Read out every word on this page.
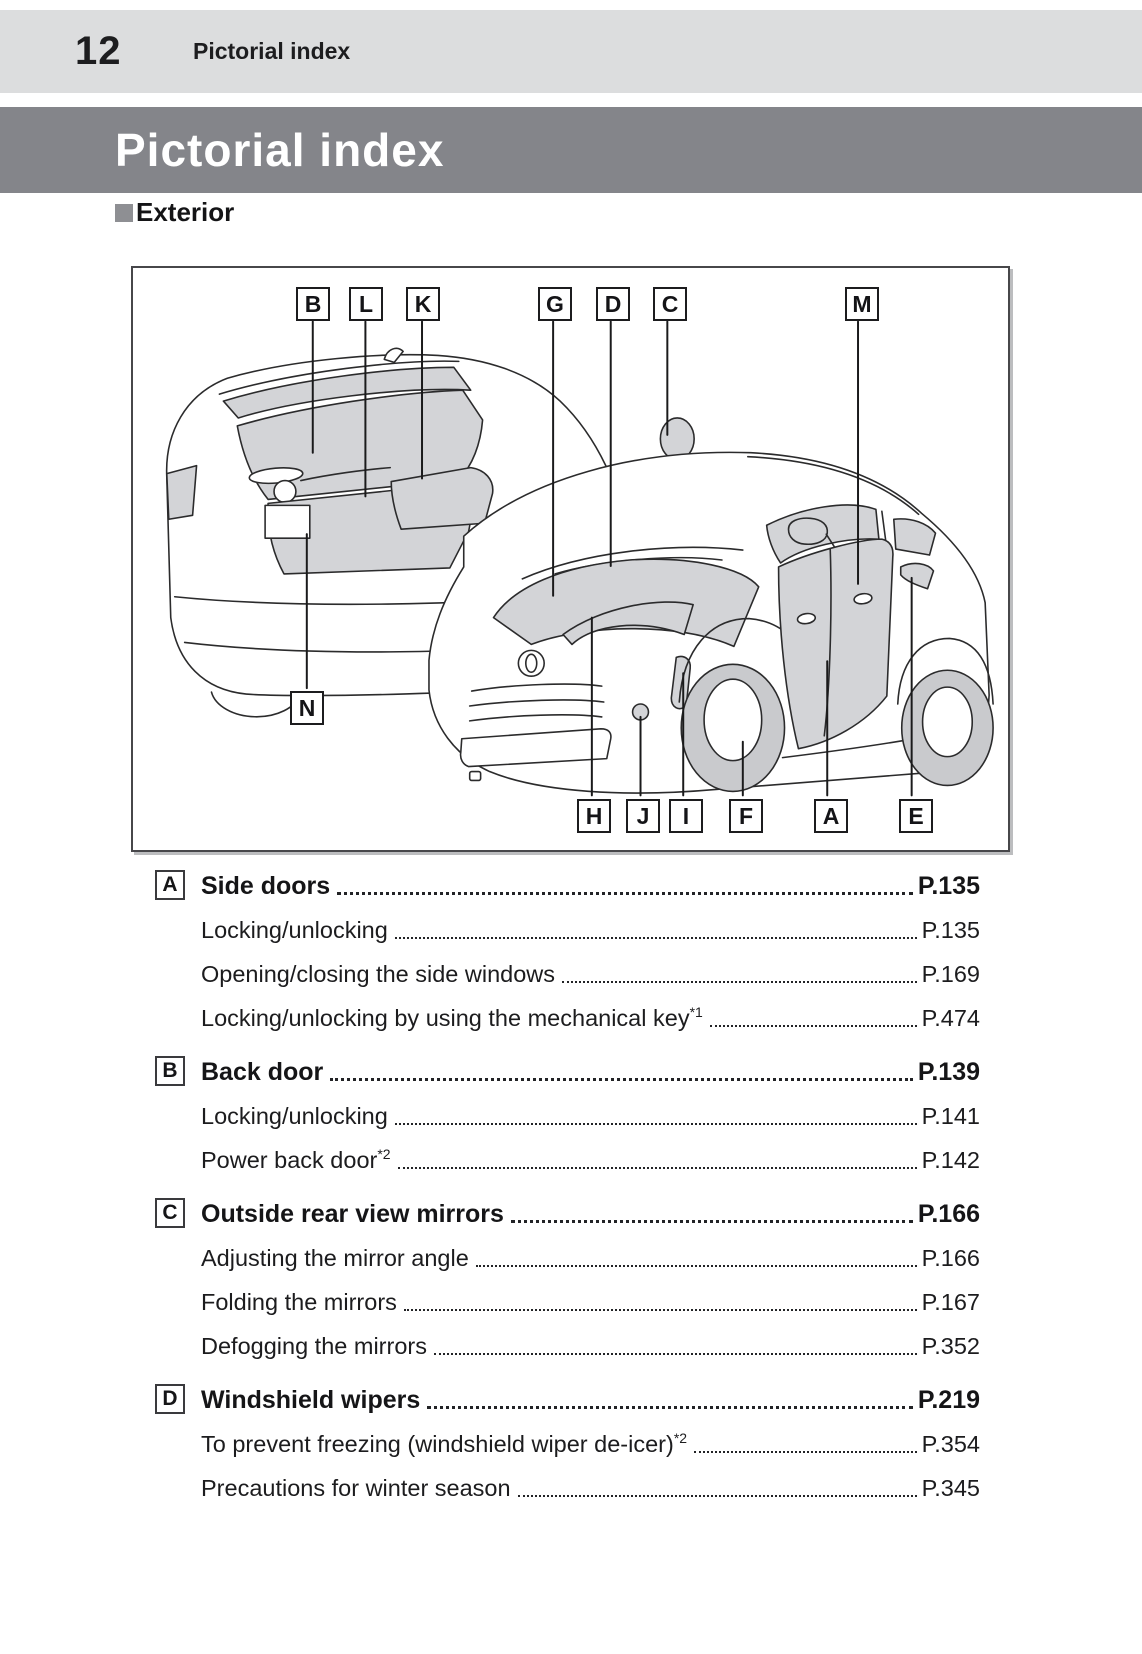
12	Pictorial index
Pictorial index
Exterior
B	L	K	G	D	C	M
N
H	J	I	F	A	E
A Side doors	P.135
Locking/unlocking	P.135
Opening/closing the side windows	P.169
Locking/unlocking by using the mechanical key$^{*1}$	P.474
B Back door	P.139
Locking/unlocking	P.141
Power back door$^{*2}$	P.142
C Outside rear view mirrors	P.166
Adjusting the mirror angle	P.166
Folding the mirrors	P.167
Defogging the mirrors	P.352
D Windshield wipers	P.219
To prevent freezing (windshield wiper de-icer)$^{*2}$	P.354
Precautions for winter season	P.345
